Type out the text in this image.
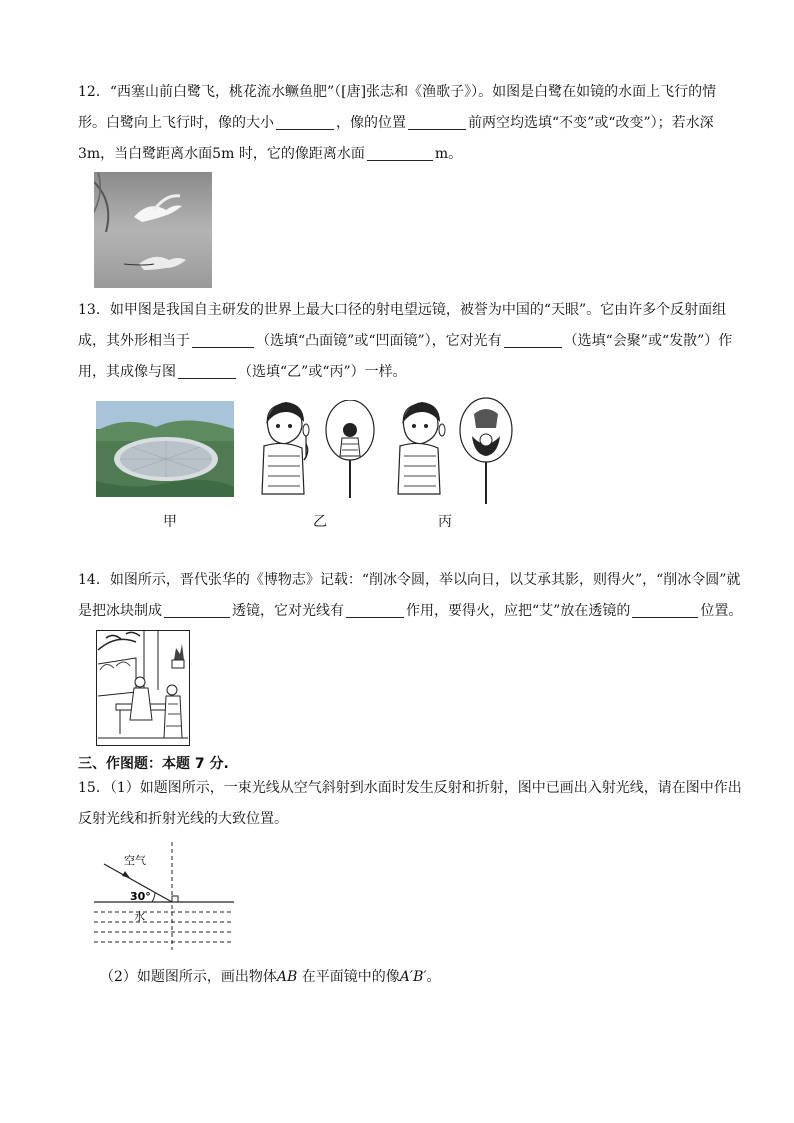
12．“西塞山前白鹭飞，桃花流水鳜鱼肥”（[唐]张志和《渔歌子》）。如图是白鹭在如镜的水面上飞行的情形。白鹭向上飞行时，像的大小	，像的位置	前两空均选填“不变”或“改变”）；若水深3m，当白鹭距离水面5m 时，它的像距离水面	m。

13．如甲图是我国自主研发的世界上最大口径的射电望远镜，被誉为中国的“天眼”。它由许多个反射面组成，其外形相当于	（选填“凸面镜”或“凹面镜”），它对光有	（选填“会聚”或“发散”）作用，其成像与图	（选填“乙”或“丙”）一样。

甲	乙	丙

14．如图所示，晋代张华的《博物志》记载：“削冰令圆，举以向日，以艾承其影，则得火”，“削冰令圆”就是把冰块制成	透镜，它对光线有	作用，要得火，应把“艾”放在透镜的	位置。

三、作图题：本题 7 分.

15．（1）如题图所示，一束光线从空气斜射到水面时发生反射和折射，图中已画出入射光线，请在图中作出反射光线和折射光线的大致位置。

空气
30°
水
（2）如题图所示，画出物体AB 在平面镜中的像A′B′。
